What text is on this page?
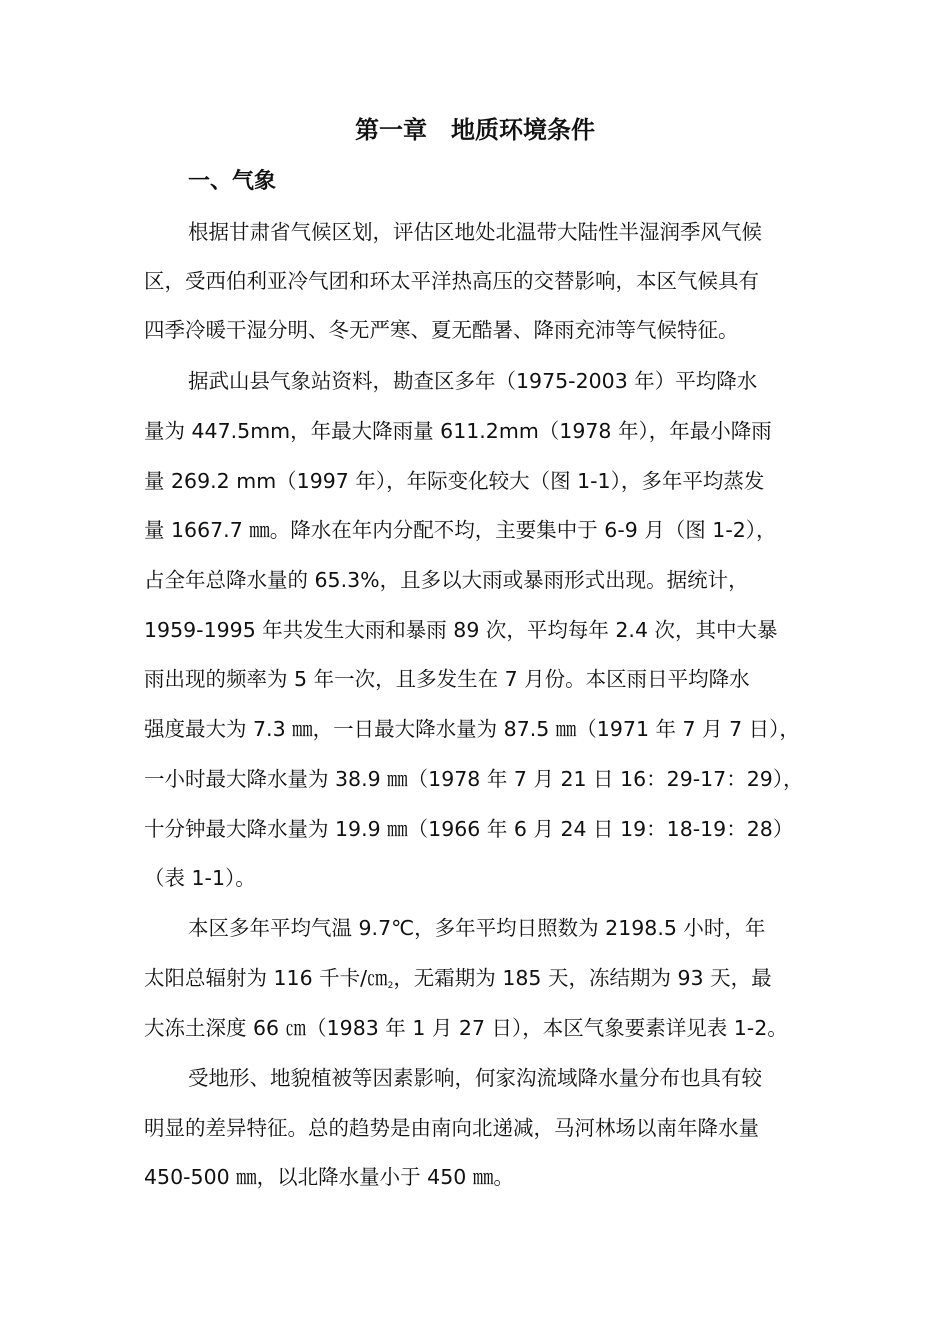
第一章　地质环境条件
一、气象

根据甘肃省气候区划，评估区地处北温带大陆性半湿润季风气候

区，受西伯利亚冷气团和环太平洋热高压的交替影响，本区气候具有

四季冷暖干湿分明、冬无严寒、夏无酷暑、降雨充沛等气候特征。

据武山县气象站资料，勘查区多年（1975-2003 年）平均降水

量为 447.5mm，年最大降雨量 611.2mm（1978 年），年最小降雨

量 269.2 mm（1997 年），年际变化较大（图 1-1），多年平均蒸发

量 1667.7 ㎜。降水在年内分配不均，主要集中于 6-9 月（图 1-2），

占全年总降水量的 65.3%，且多以大雨或暴雨形式出现。据统计，

1959-1995 年共发生大雨和暴雨 89 次，平均每年 2.4 次，其中大暴

雨出现的频率为 5 年一次，且多发生在 7 月份。本区雨日平均降水

强度最大为 7.3 ㎜，一日最大降水量为 87.5 ㎜（1971 年 7 月 7 日），

一小时最大降水量为 38.9 ㎜（1978 年 7 月 21 日 16：29-17：29），

十分钟最大降水量为 19.9 ㎜（1966 年 6 月 24 日 19：18-19：28）

（表 1-1）。

本区多年平均气温 9.7℃，多年平均日照数为 2198.5 小时，年

太阳总辐射为 116 千卡$/㎝_2$，无霜期为 185 天，冻结期为 93 天，最

大冻土深度 66 ㎝（1983 年 1 月 27 日），本区气象要素详见表 1-2。

受地形、地貌植被等因素影响，何家沟流域降水量分布也具有较

明显的差异特征。总的趋势是由南向北递减，马河林场以南年降水量

450-500 ㎜，以北降水量小于 450 ㎜。
